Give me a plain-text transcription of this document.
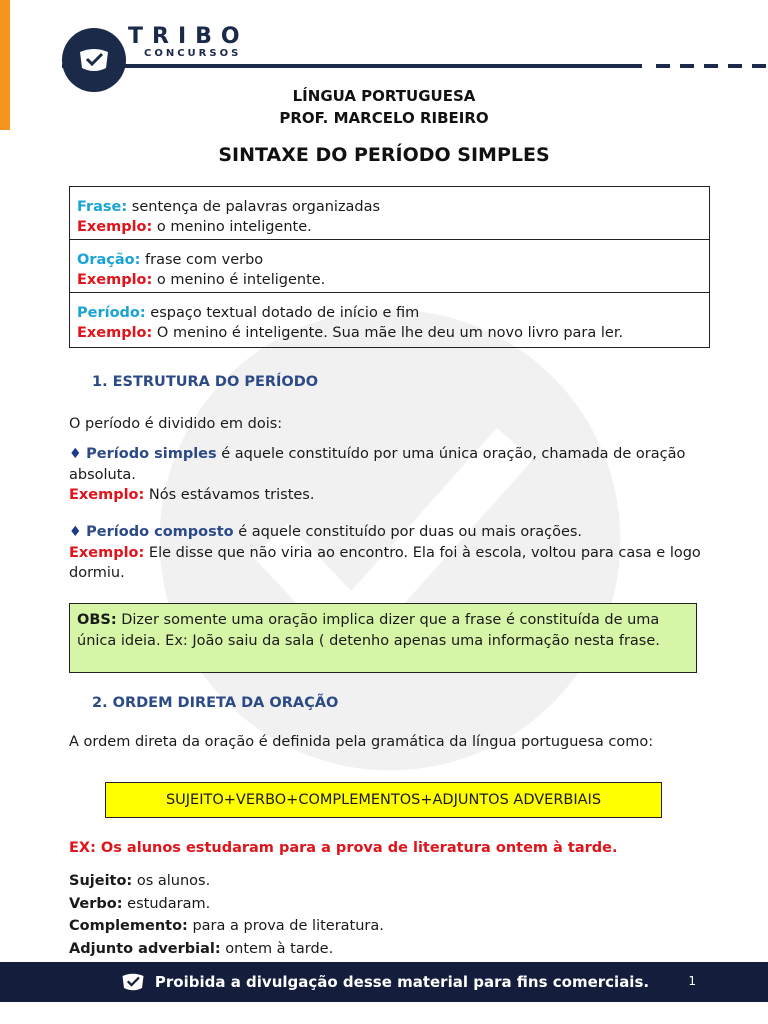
TRIBO
CONCURSOS
LÍNGUA PORTUGUESA
PROF. MARCELO RIBEIRO
SINTAXE DO PERÍODO SIMPLES
Frase: sentença de palavras organizadas
Exemplo: o menino inteligente.
Oração: frase com verbo
Exemplo: o menino é inteligente.
Período: espaço textual dotado de início e fim
Exemplo: O menino é inteligente. Sua mãe lhe deu um novo livro para ler.
1. ESTRUTURA DO PERÍODO
O período é dividido em dois:
♦ Período simples é aquele constituído por uma única oração, chamada de oração absoluta.
Exemplo: Nós estávamos tristes.
♦ Período composto é aquele constituído por duas ou mais orações.
Exemplo: Ele disse que não viria ao encontro. Ela foi à escola, voltou para casa e logo dormiu.
OBS: Dizer somente uma oração implica dizer que a frase é constituída de uma única ideia. Ex: João saiu da sala ( detenho apenas uma informação nesta frase.
2. ORDEM DIRETA DA ORAÇÃO
A ordem direta da oração é definida pela gramática da língua portuguesa como:
SUJEITO+VERBO+COMPLEMENTOS+ADJUNTOS ADVERBIAIS
EX: Os alunos estudaram para a prova de literatura ontem à tarde.
Sujeito: os alunos.
Verbo: estudaram.
Complemento: para a prova de literatura.
Adjunto adverbial: ontem à tarde.
Proibida a divulgação desse material para fins comerciais.	1
